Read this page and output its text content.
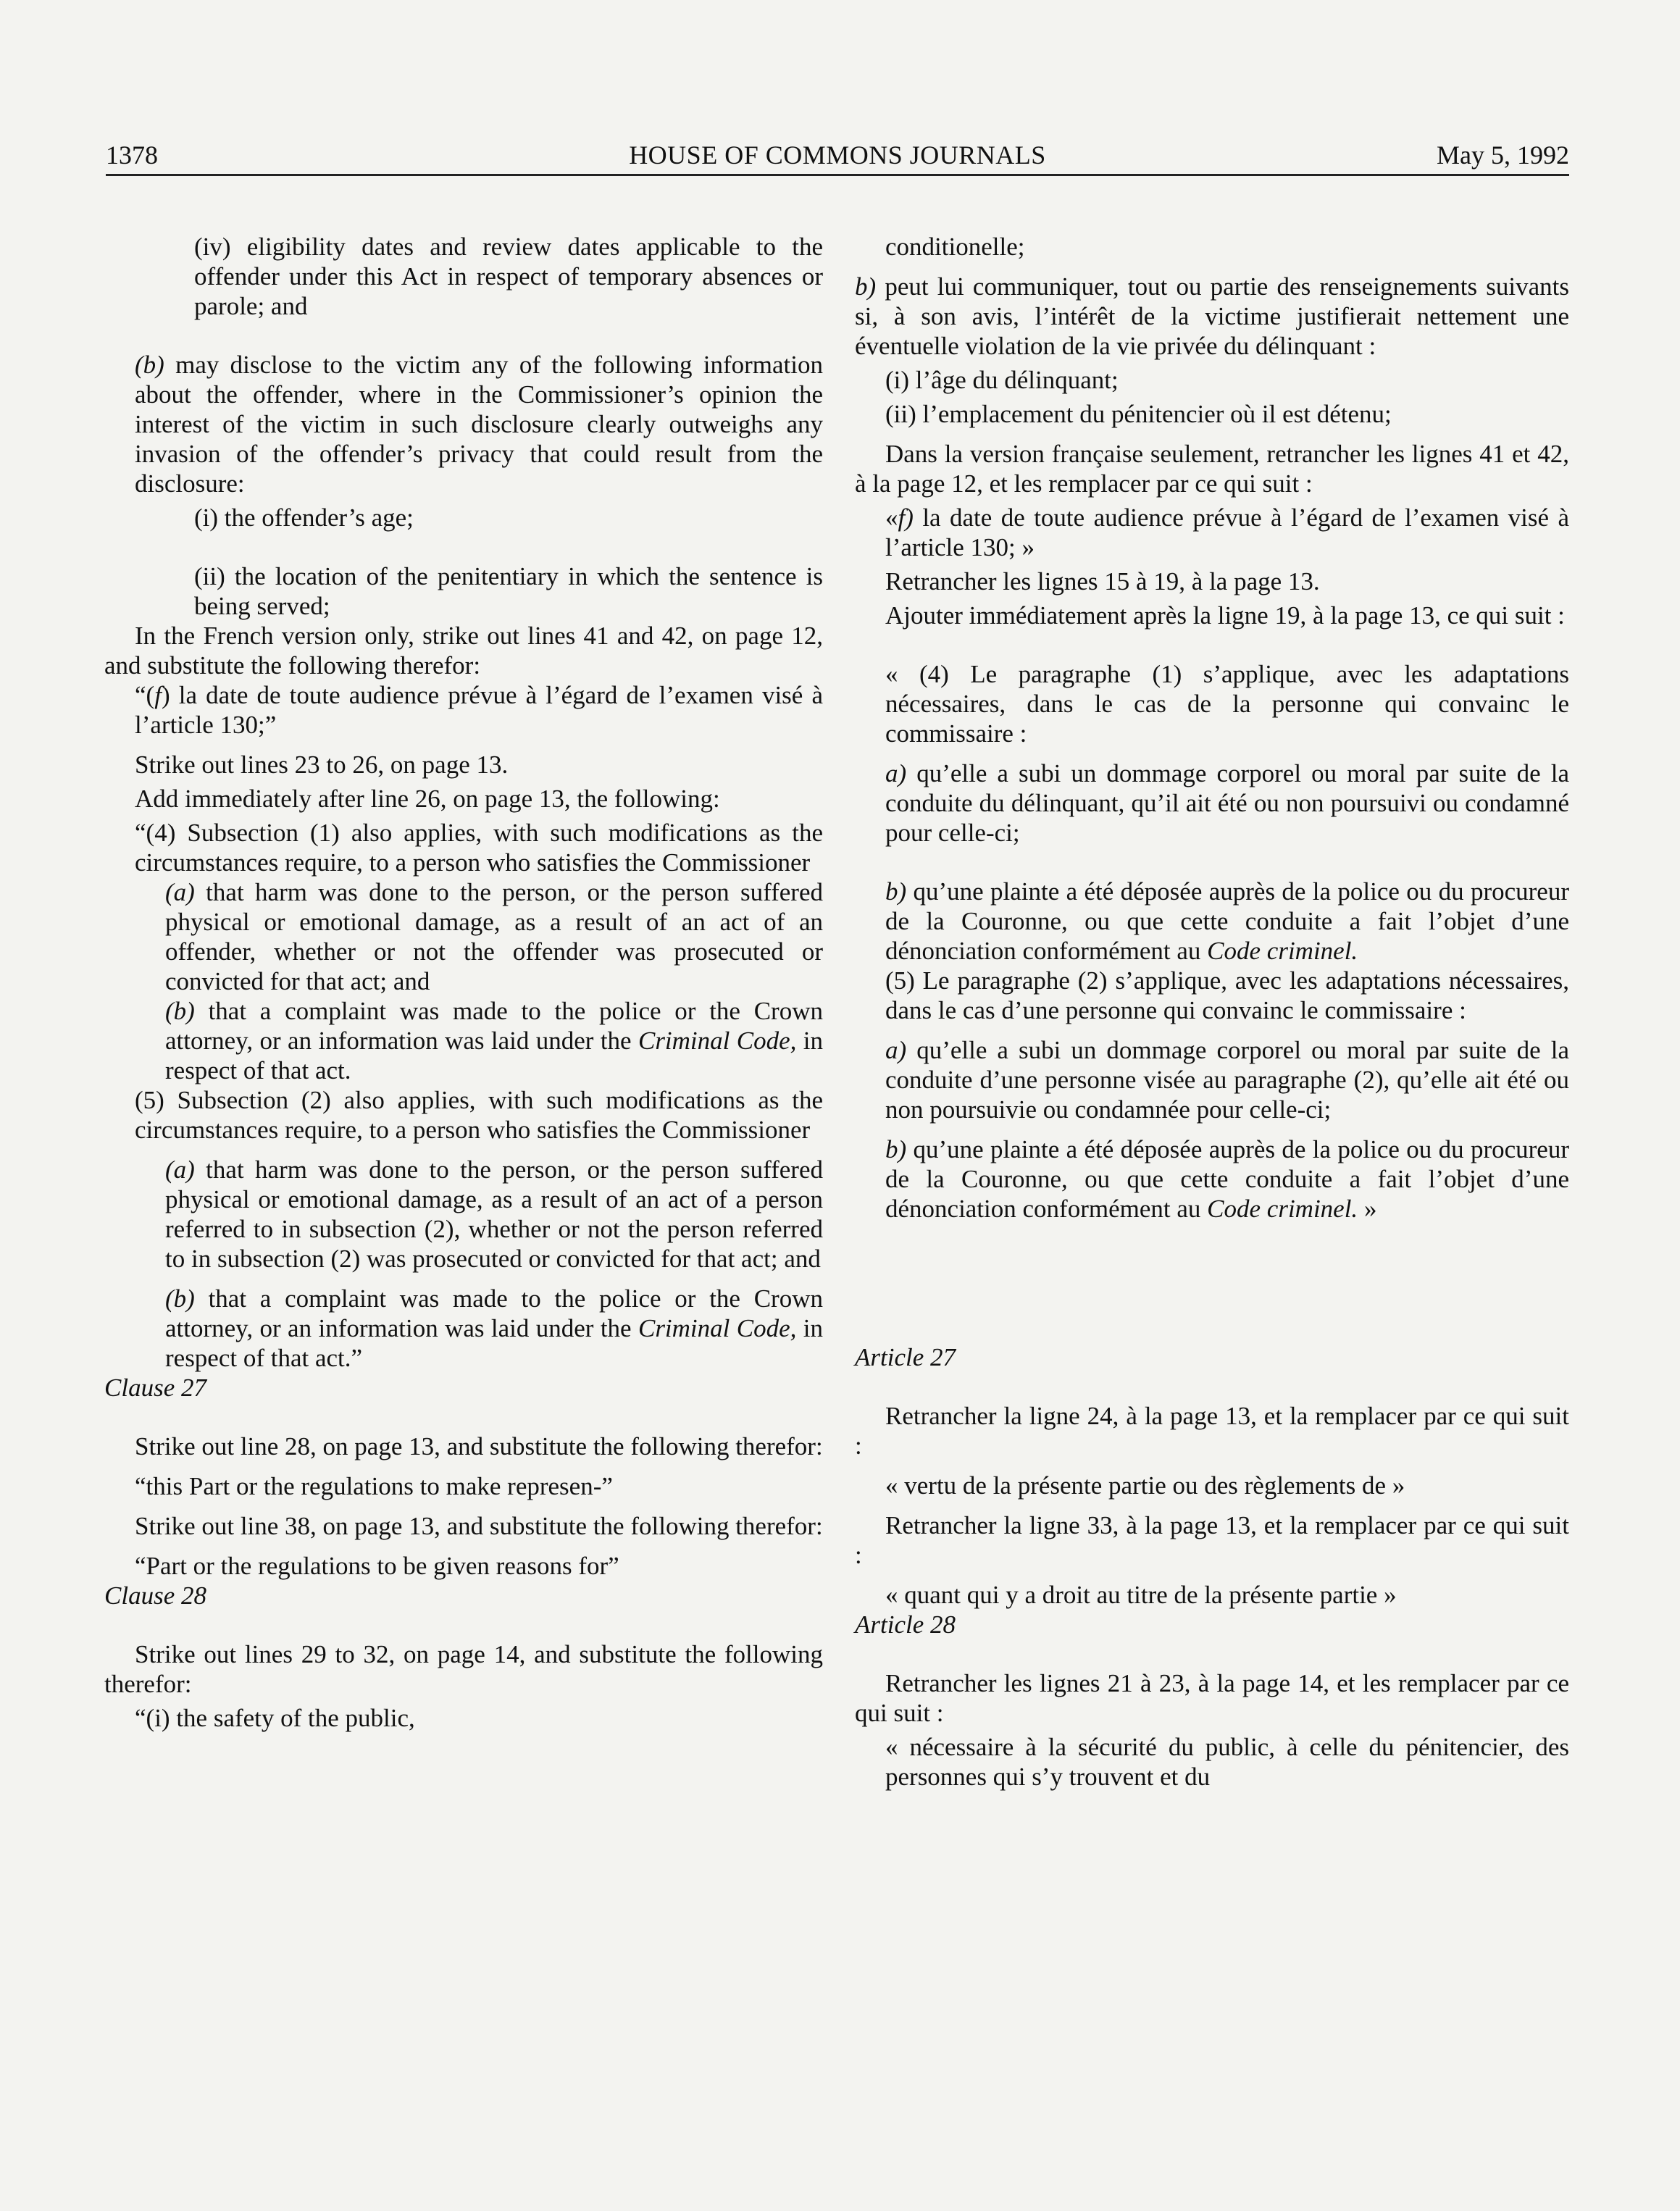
1378	HOUSE OF COMMONS JOURNALS	May 5, 1992

(iv) eligibility dates and review dates applicable to the offender under this Act in respect of temporary absences or parole; and

(b) may disclose to the victim any of the following information about the offender, where in the Commissioner’s opinion the interest of the victim in such disclosure clearly outweighs any invasion of the offender’s privacy that could result from the disclosure:

(i) the offender’s age;

(ii) the location of the penitentiary in which the sentence is being served;

In the French version only, strike out lines 41 and 42, on page 12, and substitute the following therefor:

“(f) la date de toute audience prévue à l’égard de l’examen visé à l’article 130;”

Strike out lines 23 to 26, on page 13.

Add immediately after line 26, on page 13, the following:

“(4) Subsection (1) also applies, with such modifications as the circumstances require, to a person who satisfies the Commissioner

(a) that harm was done to the person, or the person suffered physical or emotional damage, as a result of an act of an offender, whether or not the offender was prosecuted or convicted for that act; and

(b) that a complaint was made to the police or the Crown attorney, or an information was laid under the Criminal Code, in respect of that act.

(5) Subsection (2) also applies, with such modifications as the circumstances require, to a person who satisfies the Commissioner

(a) that harm was done to the person, or the person suffered physical or emotional damage, as a result of an act of a person referred to in subsection (2), whether or not the person referred to in subsection (2) was prosecuted or convicted for that act; and

(b) that a complaint was made to the police or the Crown attorney, or an information was laid under the Criminal Code, in respect of that act.”

Clause 27

Strike out line 28, on page 13, and substitute the following therefor:

“this Part or the regulations to make represen-”

Strike out line 38, on page 13, and substitute the following therefor:

“Part or the regulations to be given reasons for”

Clause 28

Strike out lines 29 to 32, on page 14, and substitute the following therefor:

“(i) the safety of the public,

conditionelle;

b) peut lui communiquer, tout ou partie des renseignements suivants si, à son avis, l’intérêt de la victime justifierait nettement une éventuelle violation de la vie privée du délinquant :

(i) l’âge du délinquant;

(ii) l’emplacement du pénitencier où il est détenu;

Dans la version française seulement, retrancher les lignes 41 et 42, à la page 12, et les remplacer par ce qui suit :

«f) la date de toute audience prévue à l’égard de l’examen visé à l’article 130; »

Retrancher les lignes 15 à 19, à la page 13.

Ajouter immédiatement après la ligne 19, à la page 13, ce qui suit :

« (4) Le paragraphe (1) s’applique, avec les adaptations nécessaires, dans le cas de la personne qui convainc le commissaire :

a) qu’elle a subi un dommage corporel ou moral par suite de la conduite du délinquant, qu’il ait été ou non poursuivi ou condamné pour celle-ci;

b) qu’une plainte a été déposée auprès de la police ou du procureur de la Couronne, ou que cette conduite a fait l’objet d’une dénonciation conformément au Code criminel.

(5) Le paragraphe (2) s’applique, avec les adaptations nécessaires, dans le cas d’une personne qui convainc le commissaire :

a) qu’elle a subi un dommage corporel ou moral par suite de la conduite d’une personne visée au paragraphe (2), qu’elle ait été ou non poursuivie ou condamnée pour celle-ci;

b) qu’une plainte a été déposée auprès de la police ou du procureur de la Couronne, ou que cette conduite a fait l’objet d’une dénonciation conformément au Code criminel. »

Article 27

Retrancher la ligne 24, à la page 13, et la remplacer par ce qui suit :

« vertu de la présente partie ou des règlements de »

Retrancher la ligne 33, à la page 13, et la remplacer par ce qui suit :

« quant qui y a droit au titre de la présente partie »

Article 28

Retrancher les lignes 21 à 23, à la page 14, et les remplacer par ce qui suit :

« nécessaire à la sécurité du public, à celle du pénitencier, des personnes qui s’y trouvent et du
